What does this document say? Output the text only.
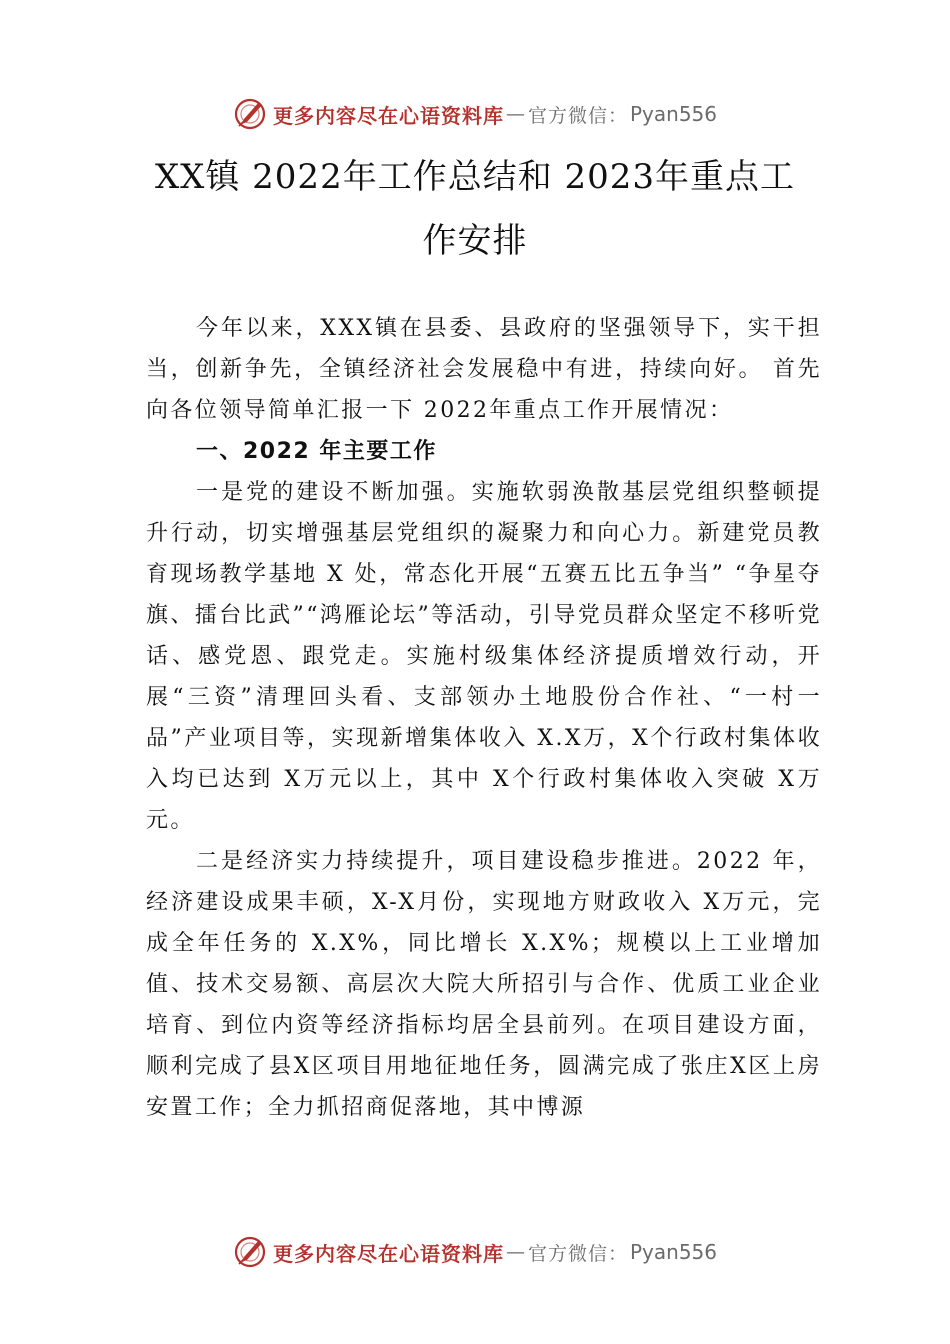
更多内容尽在心语资料库 — 官方微信： Pyan556
XX镇 2022年工作总结和 2023年重点工
作安排

今年以来，XXX镇在县委、县政府的坚强领导下，实干担当，创新争先，全镇经济社会发展稳中有进，持续向好。 首先向各位领导简单汇报一下 2022年重点工作开展情况：

一、2022 年主要工作

一是党的建设不断加强。实施软弱涣散基层党组织整顿提升行动，切实增强基层党组织的凝聚力和向心力。新建党员教育现场教学基地 X 处，常态化开展“五赛五比五争当” “争星夺旗、擂台比武”“鸿雁论坛”等活动，引导党员群众坚定不移听党话、感党恩、跟党走。实施村级集体经济提质增效行动，开展“三资”清理回头看、支部领办土地股份合作社、“一村一品”产业项目等，实现新增集体收入 X.X万，X个行政村集体收入均已达到 X万元以上，其中 X个行政村集体收入突破 X万元。

二是经济实力持续提升，项目建设稳步推进。2022 年，经济建设成果丰硕，X-X月份，实现地方财政收入 X万元，完成全年任务的 X.X%，同比增长 X.X%；规模以上工业增加值、技术交易额、高层次大院大所招引与合作、优质工业企业培育、到位内资等经济指标均居全县前列。在项目建设方面，顺利完成了县X区项目用地征地任务，圆满完成了张庄X区上房安置工作；全力抓招商促落地，其中博源

更多内容尽在心语资料库 — 官方微信： Pyan556
